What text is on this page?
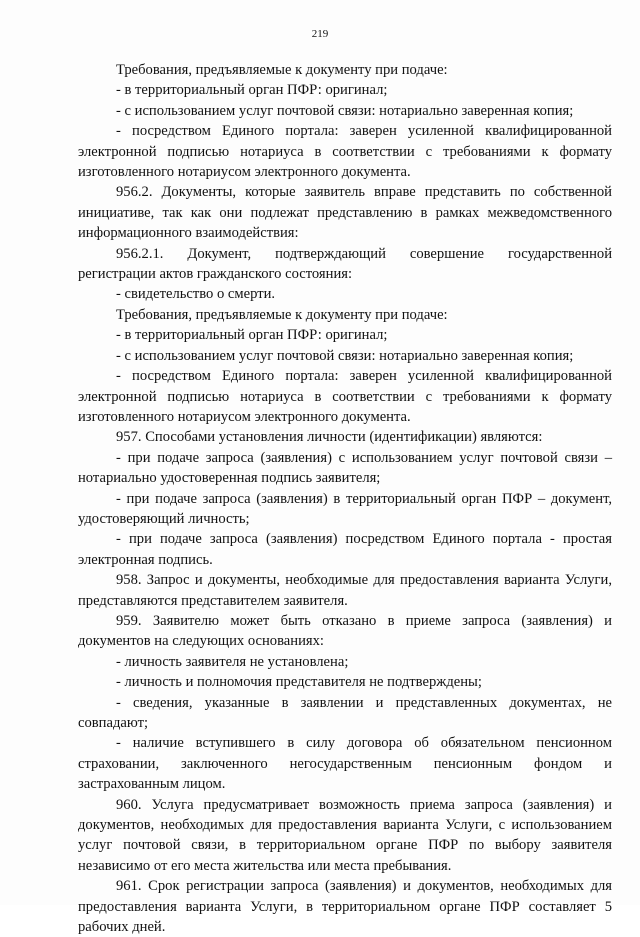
219

Требования, предъявляемые к документу при подаче:

- в территориальный орган ПФР: оригинал;

- с использованием услуг почтовой связи: нотариально заверенная копия;

- посредством Единого портала: заверен усиленной квалифицированной электронной подписью нотариуса в соответствии с требованиями к формату изготовленного нотариусом электронного документа.

956.2. Документы, которые заявитель вправе представить по собственной инициативе, так как они подлежат представлению в рамках межведомственного информационного взаимодействия:

956.2.1. Документ, подтверждающий совершение государственной регистрации актов гражданского состояния:

- свидетельство о смерти.

Требования, предъявляемые к документу при подаче:

- в территориальный орган ПФР: оригинал;

- с использованием услуг почтовой связи: нотариально заверенная копия;

- посредством Единого портала: заверен усиленной квалифицированной электронной подписью нотариуса в соответствии с требованиями к формату изготовленного нотариусом электронного документа.

957. Способами установления личности (идентификации) являются:

- при подаче запроса (заявления) с использованием услуг почтовой связи – нотариально удостоверенная подпись заявителя;

- при подаче запроса (заявления) в территориальный орган ПФР – документ, удостоверяющий личность;

- при подаче запроса (заявления) посредством Единого портала - простая электронная подпись.

958. Запрос и документы, необходимые для предоставления варианта Услуги, представляются представителем заявителя.

959. Заявителю может быть отказано в приеме запроса (заявления) и документов на следующих основаниях:

- личность заявителя не установлена;

- личность и полномочия представителя не подтверждены;

- сведения, указанные в заявлении и представленных документах, не совпадают;

- наличие вступившего в силу договора об обязательном пенсионном страховании, заключенного негосударственным пенсионным фондом и застрахованным лицом.

960. Услуга предусматривает возможность приема запроса (заявления) и документов, необходимых для предоставления варианта Услуги, с использованием услуг почтовой связи, в территориальном органе ПФР по выбору заявителя независимо от его места жительства или места пребывания.

961. Срок регистрации запроса (заявления) и документов, необходимых для предоставления варианта Услуги, в территориальном органе ПФР составляет 5 рабочих дней.
